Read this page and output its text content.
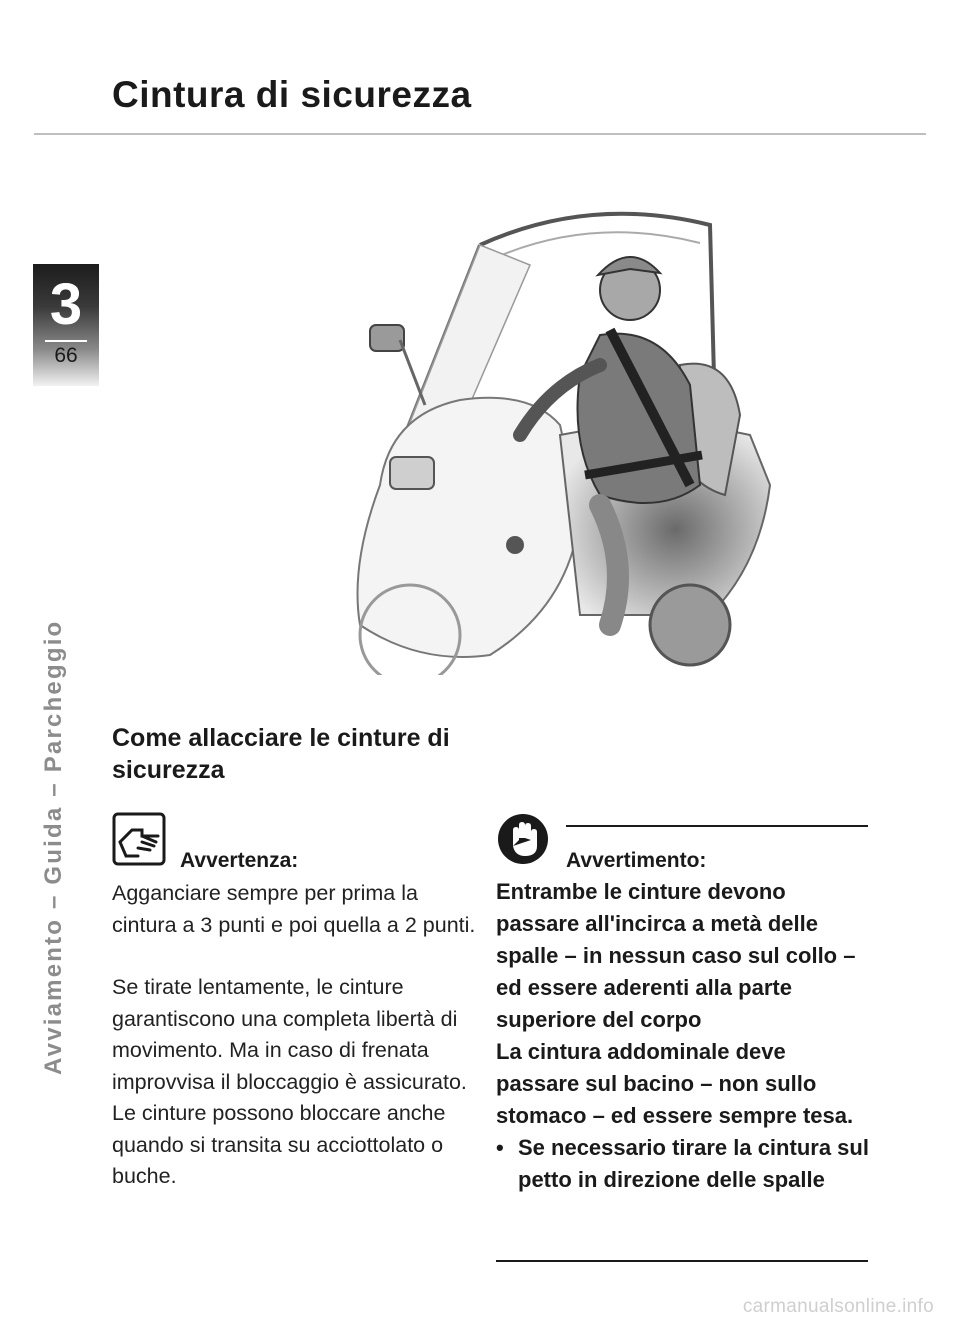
Cintura di sicurezza
3
66
Avviamento – Guida – Parcheggio	Come allacciare le cinture di sicurezza
Avvertenza:

Agganciare sempre per prima la cintura a 3 punti e poi quella a 2 punti.

Se tirate lentamente, le cinture garantiscono una completa libertà di movimento. Ma in caso di frenata improvvisa il bloccaggio è assicurato.

Le cinture possono bloccare anche quando si transita su acciottolato o buche.

Avvertimento:

Entrambe le cinture devono passare all'incirca a metà delle spalle – in nessun caso sul collo – ed essere aderenti alla parte superiore del corpo

La cintura addominale deve passare sul bacino – non sullo stomaco – ed essere sempre tesa.

• Se necessario tirare la cintura sul petto in direzione delle spalle
carmanualsonline.info
